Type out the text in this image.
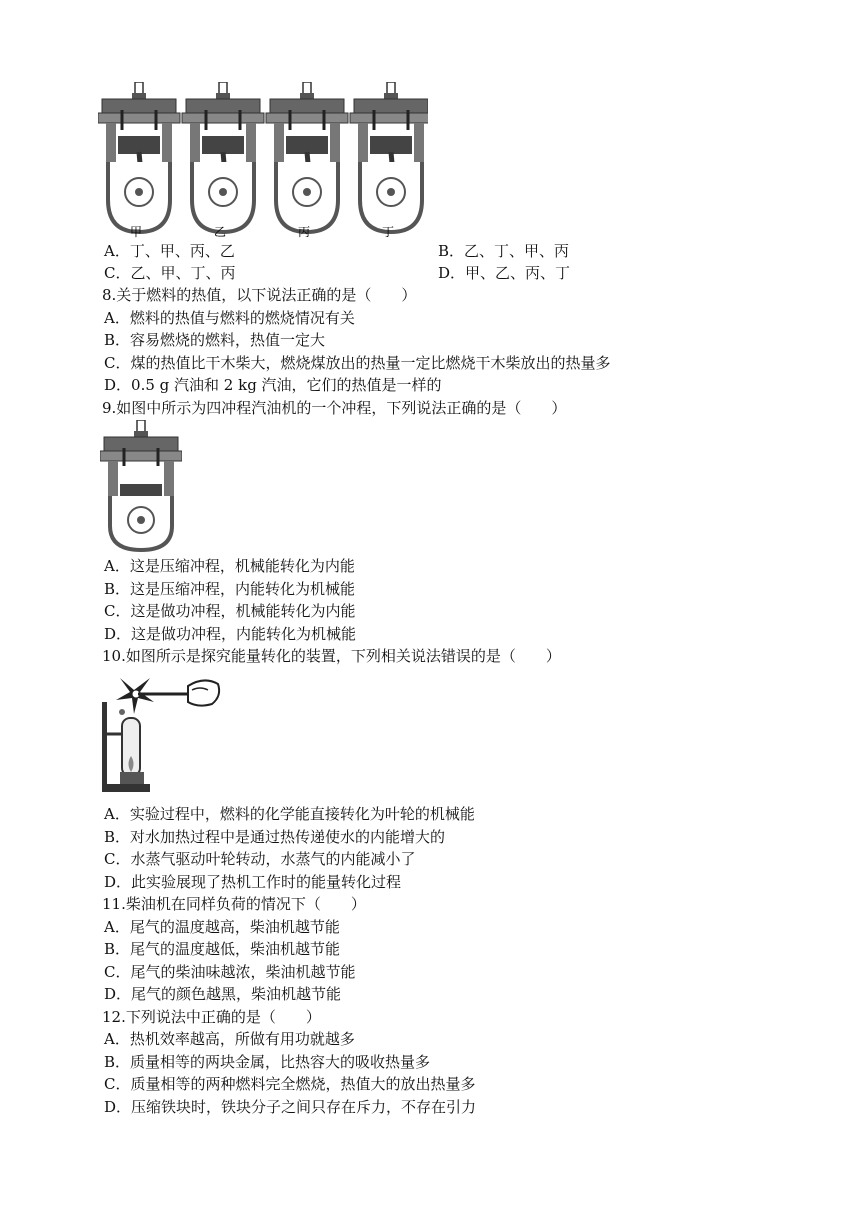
甲	乙	丙	丁
A．丁、甲、丙、乙	B．乙、丁、甲、丙
C．乙、甲、丁、丙	D．甲、乙、丙、丁
8.关于燃料的热值，以下说法正确的是（　　）
A．燃料的热值与燃料的燃烧情况有关
B．容易燃烧的燃料，热值一定大
C．煤的热值比干木柴大，燃烧煤放出的热量一定比燃烧干木柴放出的热量多
D．0.5 g 汽油和 2 kg 汽油，它们的热值是一样的
9.如图中所示为四冲程汽油机的一个冲程，下列说法正确的是（　　）
A．这是压缩冲程，机械能转化为内能
B．这是压缩冲程，内能转化为机械能
C．这是做功冲程，机械能转化为内能
D．这是做功冲程，内能转化为机械能
10.如图所示是探究能量转化的装置，下列相关说法错误的是（　　）
A．实验过程中，燃料的化学能直接转化为叶轮的机械能
B．对水加热过程中是通过热传递使水的内能增大的
C．水蒸气驱动叶轮转动，水蒸气的内能减小了
D．此实验展现了热机工作时的能量转化过程
11.柴油机在同样负荷的情况下（　　）
A．尾气的温度越高，柴油机越节能
B．尾气的温度越低，柴油机越节能
C．尾气的柴油味越浓，柴油机越节能
D．尾气的颜色越黑，柴油机越节能
12.下列说法中正确的是（　　）
A．热机效率越高，所做有用功就越多
B．质量相等的两块金属，比热容大的吸收热量多
C．质量相等的两种燃料完全燃烧，热值大的放出热量多
D．压缩铁块时，铁块分子之间只存在斥力，不存在引力
